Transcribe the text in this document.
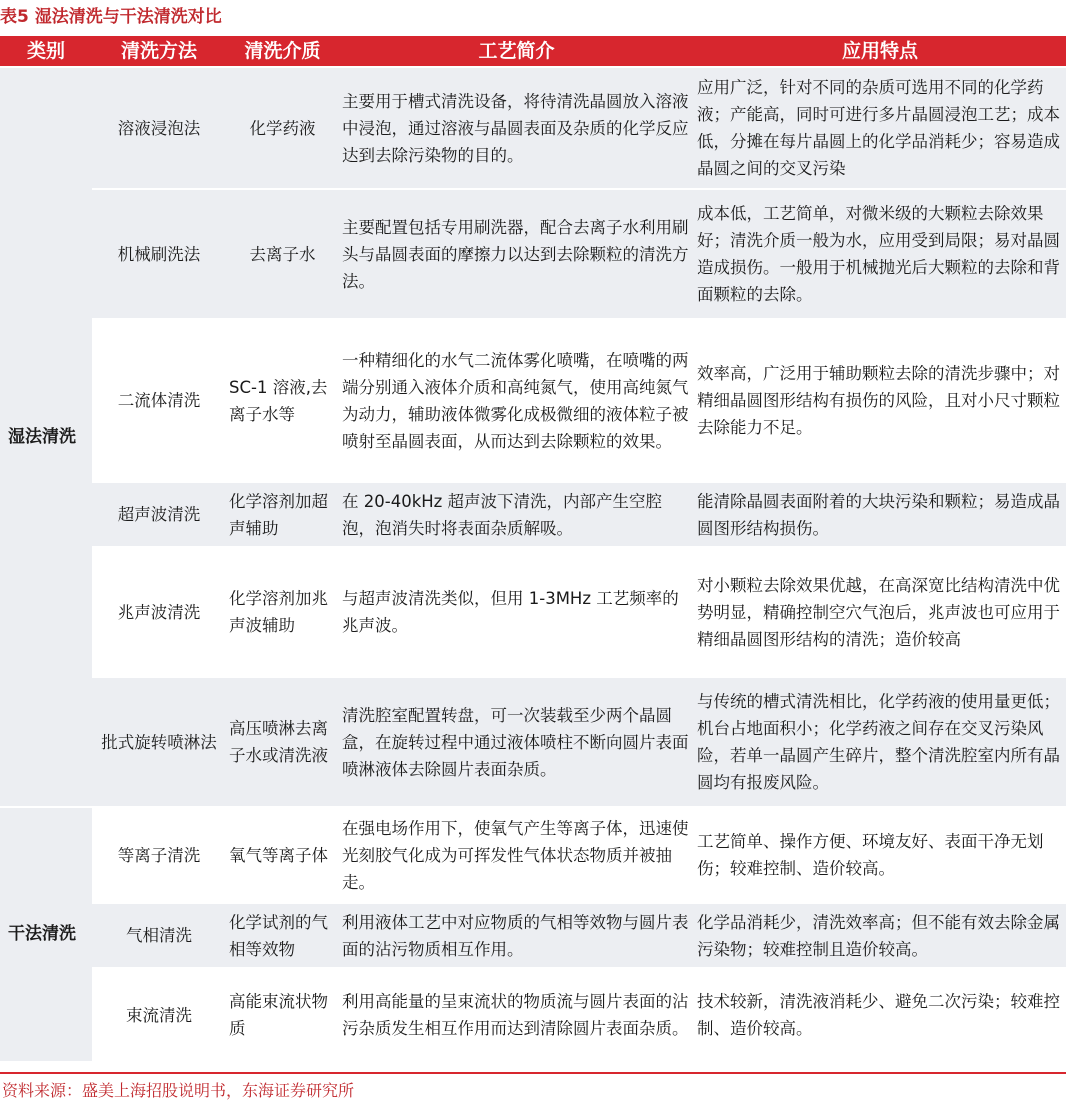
表5 湿法清洗与干法清洗对比
类别	清洗方法	清洗介质	工艺简介	应用特点
湿法清洗	溶液浸泡法	化学药液	主要用于槽式清洗设备，将待清洗晶圆放入溶液中浸泡，通过溶液与晶圆表面及杂质的化学反应达到去除污染物的目的。	应用广泛，针对不同的杂质可选用不同的化学药液；产能高，同时可进行多片晶圆浸泡工艺；成本低，分摊在每片晶圆上的化学品消耗少；容易造成晶圆之间的交叉污染
	机械刷洗法	去离子水	主要配置包括专用刷洗器，配合去离子水利用刷头与晶圆表面的摩擦力以达到去除颗粒的清洗方法。	成本低，工艺简单，对微米级的大颗粒去除效果好；清洗介质一般为水，应用受到局限；易对晶圆造成损伤。一般用于机械抛光后大颗粒的去除和背面颗粒的去除。
	二流体清洗	SC-1 溶液,去离子水等	一种精细化的水气二流体雾化喷嘴，在喷嘴的两端分别通入液体介质和高纯氮气，使用高纯氮气为动力，辅助液体微雾化成极微细的液体粒子被喷射至晶圆表面，从而达到去除颗粒的效果。	效率高，广泛用于辅助颗粒去除的清洗步骤中；对精细晶圆图形结构有损伤的风险，且对小尺寸颗粒去除能力不足。
	超声波清洗	化学溶剂加超声辅助	在 20-40kHz 超声波下清洗，内部产生空腔泡，泡消失时将表面杂质解吸。	能清除晶圆表面附着的大块污染和颗粒；易造成晶圆图形结构损伤。
	兆声波清洗	化学溶剂加兆声波辅助	与超声波清洗类似，但用 1-3MHz 工艺频率的兆声波。	对小颗粒去除效果优越，在高深宽比结构清洗中优势明显，精确控制空穴气泡后，兆声波也可应用于精细晶圆图形结构的清洗；造价较高
	批式旋转喷淋法	高压喷淋去离子水或清洗液	清洗腔室配置转盘，可一次装载至少两个晶圆盒，在旋转过程中通过液体喷柱不断向圆片表面喷淋液体去除圆片表面杂质。	与传统的槽式清洗相比，化学药液的使用量更低；机台占地面积小；化学药液之间存在交叉污染风险，若单一晶圆产生碎片，整个清洗腔室内所有晶圆均有报废风险。
干法清洗	等离子清洗	氧气等离子体	在强电场作用下，使氧气产生等离子体，迅速使光刻胶气化成为可挥发性气体状态物质并被抽走。	工艺简单、操作方便、环境友好、表面干净无划伤；较难控制、造价较高。
	气相清洗	化学试剂的气相等效物	利用液体工艺中对应物质的气相等效物与圆片表面的沾污物质相互作用。	化学品消耗少，清洗效率高；但不能有效去除金属污染物；较难控制且造价较高。
	束流清洗	高能束流状物质	利用高能量的呈束流状的物质流与圆片表面的沾污杂质发生相互作用而达到清除圆片表面杂质。	技术较新，清洗液消耗少、避免二次污染；较难控制、造价较高。
资料来源：盛美上海招股说明书，东海证券研究所
